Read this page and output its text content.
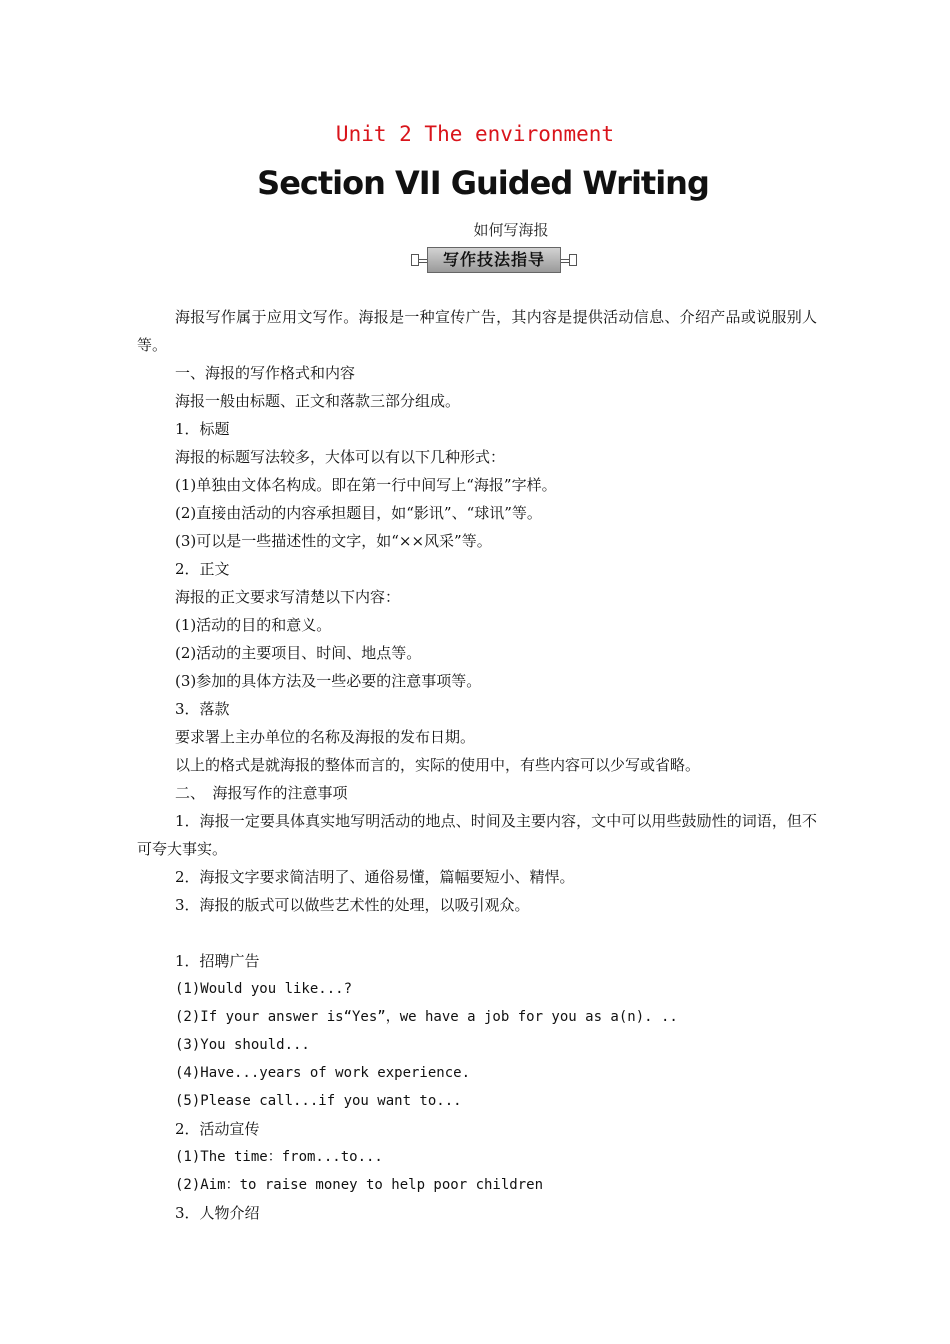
Unit 2 The environment
Section VII Guided Writing
如何写海报
写作技法指导
海报写作属于应用文写作。海报是一种宣传广告，其内容是提供活动信息、介绍产品或说服别人等。
一、海报的写作格式和内容
海报一般由标题、正文和落款三部分组成。
1．标题
海报的标题写法较多，大体可以有以下几种形式：
(1)单独由文体名构成。即在第一行中间写上“海报”字样。
(2)直接由活动的内容承担题目，如“影讯”、“球讯”等。
(3)可以是一些描述性的文字，如“××风采”等。
2．正文
海报的正文要求写清楚以下内容：
(1)活动的目的和意义。
(2)活动的主要项目、时间、地点等。
(3)参加的具体方法及一些必要的注意事项等。
3．落款
要求署上主办单位的名称及海报的发布日期。
以上的格式是就海报的整体而言的，实际的使用中，有些内容可以少写或省略。
二、　海报写作的注意事项
1．海报一定要具体真实地写明活动的地点、时间及主要内容，文中可以用些鼓励性的词语，但不可夸大事实。
2．海报文字要求简洁明了、通俗易懂，篇幅要短小、精悍。
3．海报的版式可以做些艺术性的处理，以吸引观众。
1．招聘广告
(1)Would you like...?
(2)If your answer is“Yes”，we have a job for you as a(n). ..
(3)You should...
(4)Have...years of work experience.
(5)Please call...if you want to...
2．活动宣传
(1)The time：from...to...
(2)Aim：to raise money to help poor children
3．人物介绍
